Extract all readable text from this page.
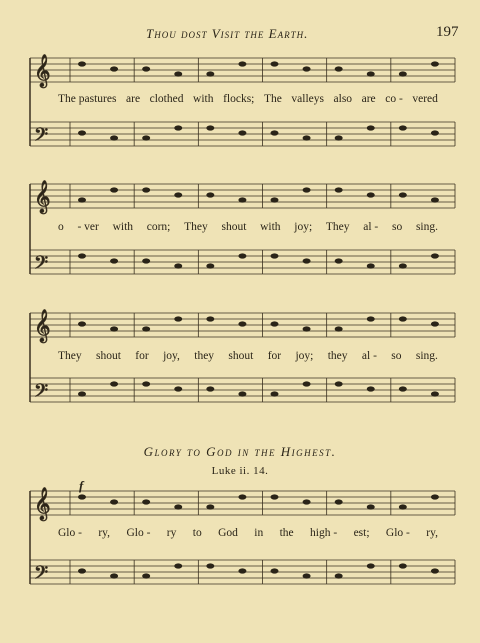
Thou dost Visit the Earth.	197
𝄞
𝄢
𝄞
𝄢
𝄞
𝄢
𝄞
𝄢
The pastures are clothed with flocks; The valleys also are co - vered
o - ver with corn; They shout with joy; They al - so sing.
They shout for joy, they shout for joy; they al - so sing.
Glory to God in the Highest.
Luke ii. 14.
f
Glo - ry, Glo - ry to God in the high - est; Glo - ry,
